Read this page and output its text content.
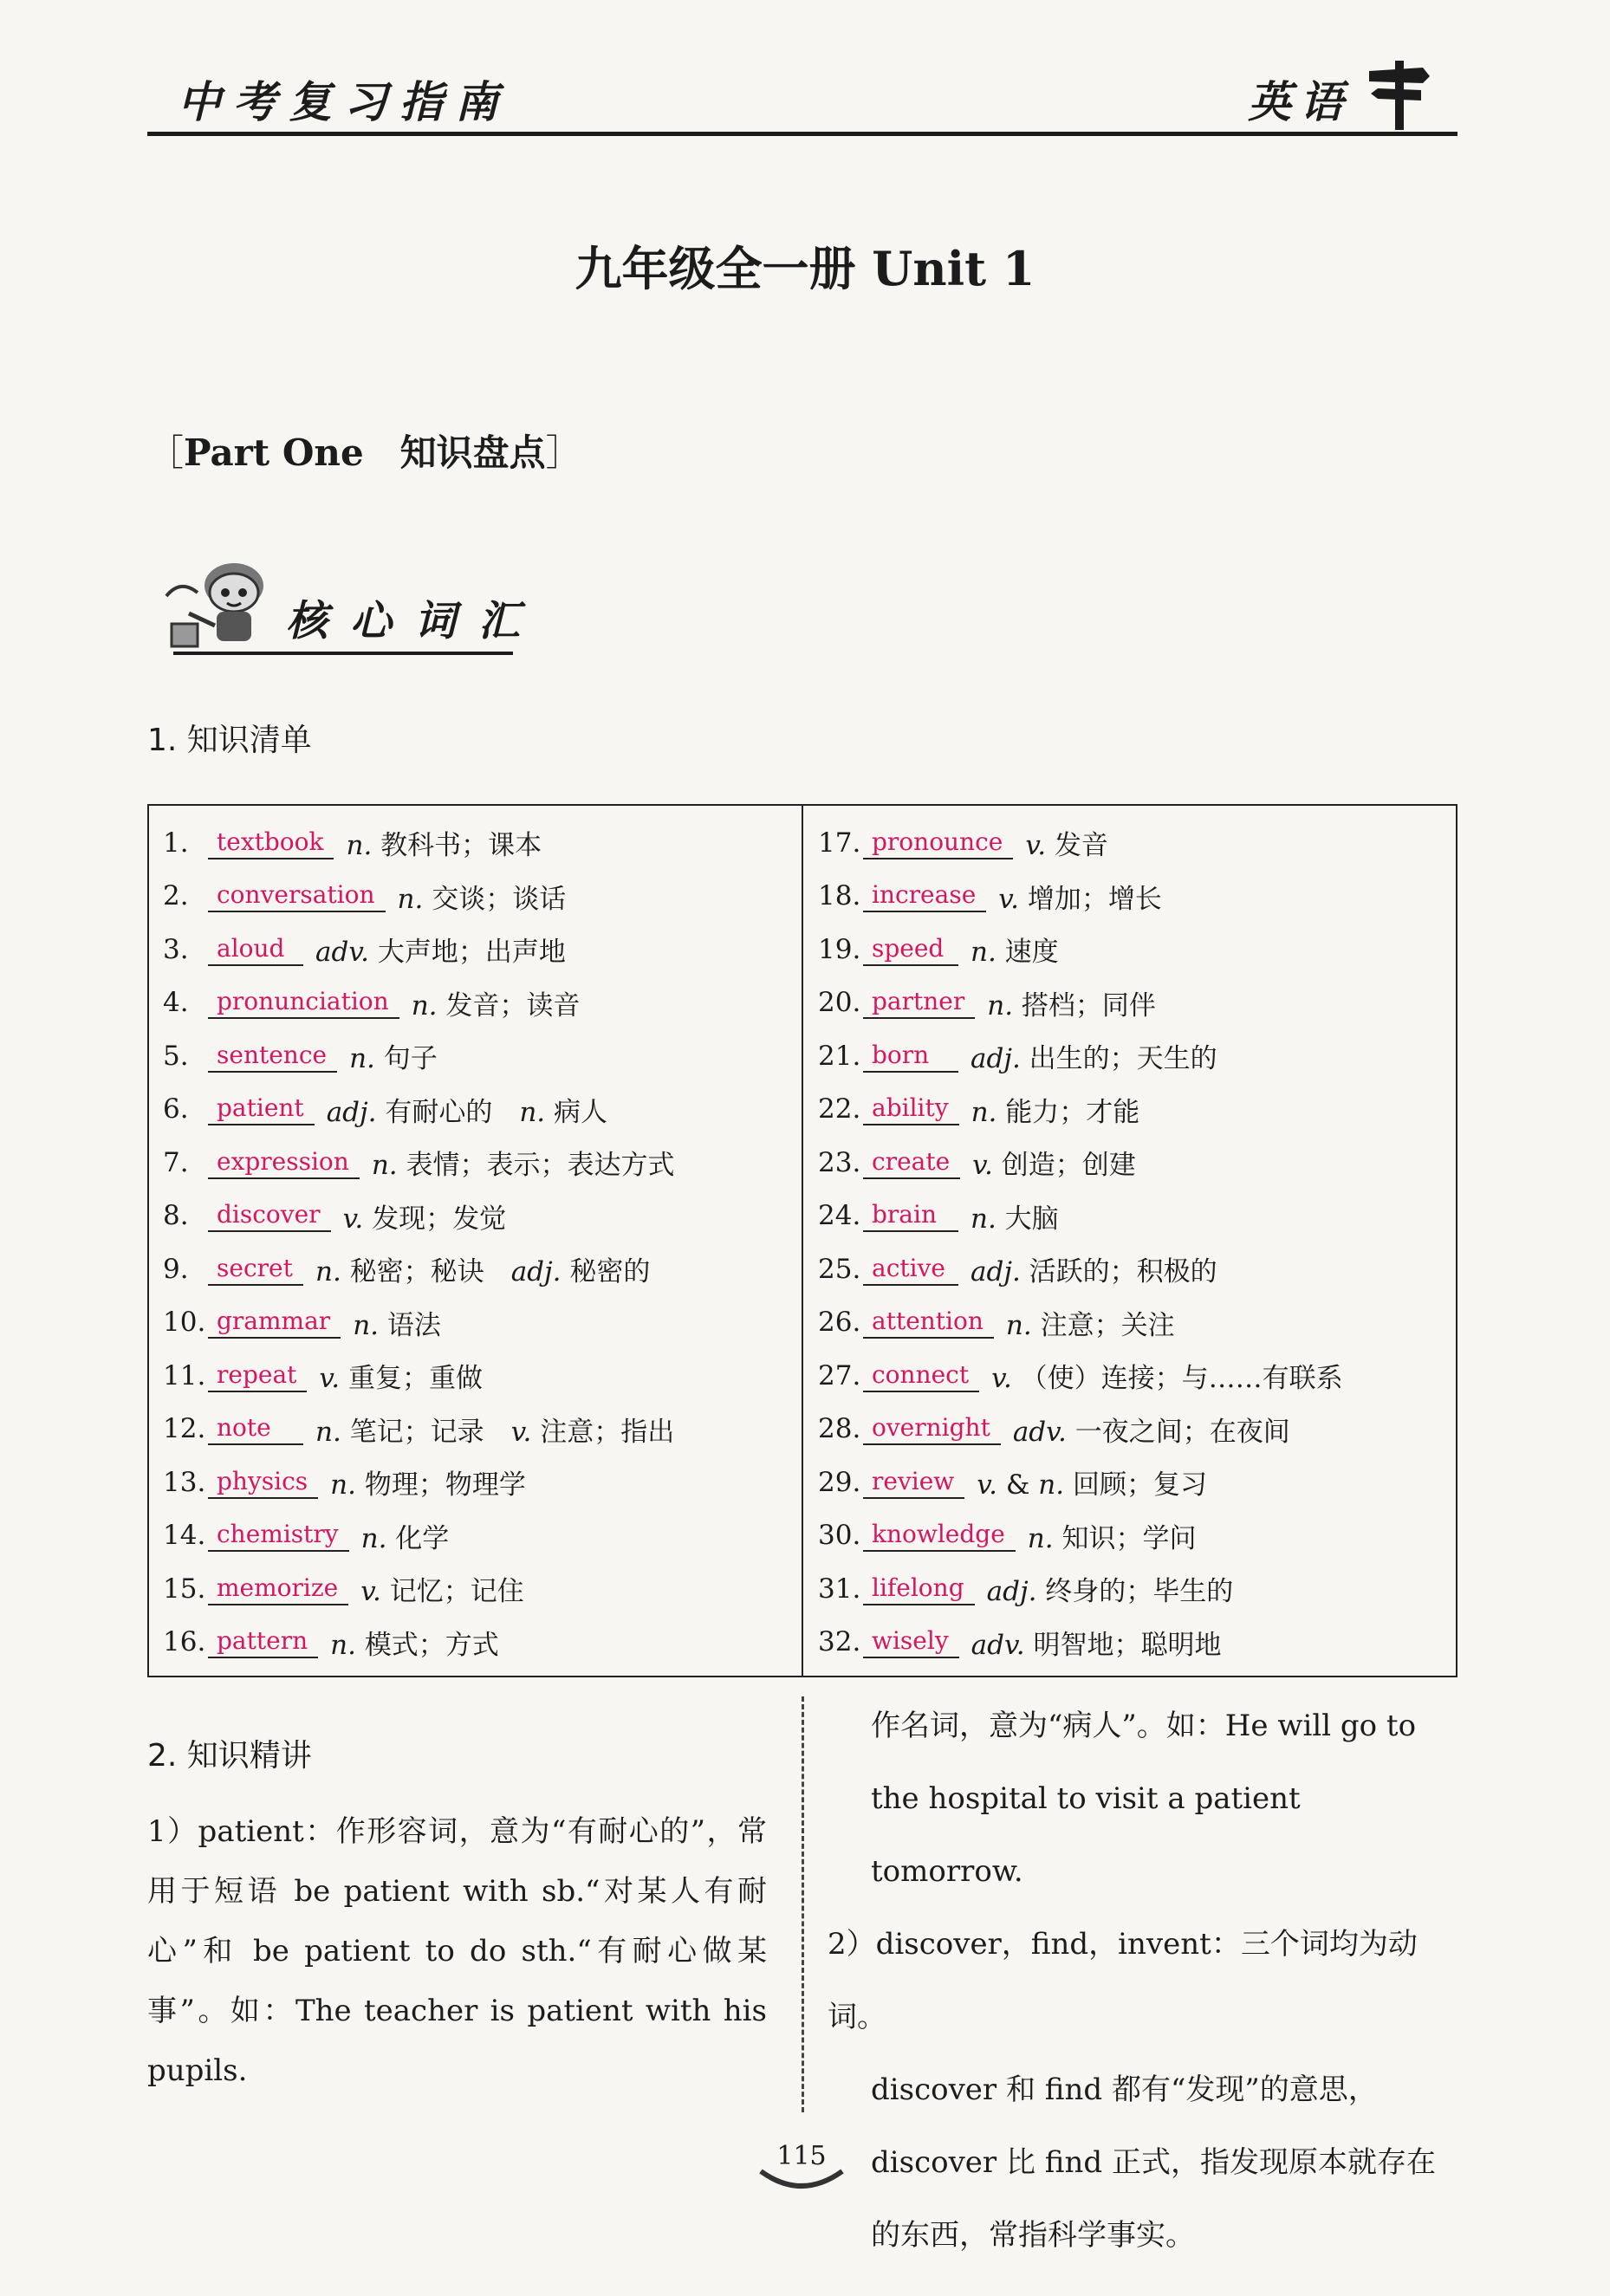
中考复习指南	英语
九年级全一册 Unit 1
［Part One　知识盘点］
核心词汇
1. 知识清单
1.	textbook n. 教科书；课本
2.	conversation n. 交谈；谈话
3.	aloud	adv. 大声地；出声地
4.	pronunciation n. 发音；读音
5.	sentence n. 句子
6.	patient adj. 有耐心的　n. 病人
7.	expression n. 表情；表示；表达方式
8.	discover v. 发现；发觉
9.	secret n. 秘密；秘诀　adj. 秘密的
10. grammar n. 语法
11. repeat v. 重复；重做
12. note	n. 笔记；记录　v. 注意；指出
13. physics n. 物理；物理学
14. chemistry n. 化学
15. memorize v. 记忆；记住
16. pattern n. 模式；方式
17. pronounce v. 发音
18. increase v. 增加；增长
19. speed n. 速度
20. partner n. 搭档；同伴
21. born	adj. 出生的；天生的
22. ability n. 能力；才能
23. create v. 创造；创建
24. brain	n. 大脑
25. active adj. 活跃的；积极的
26. attention n. 注意；关注
27. connect v. （使）连接；与……有联系
28. overnight adv. 一夜之间；在夜间
29. review v. & n. 回顾；复习
30. knowledge n. 知识；学问
31. lifelong adj. 终身的；毕生的
32. wisely adv. 明智地；聪明地
2. 知识精讲
1）patient：作形容词，意为“有耐心的”，常用于短语 be patient with sb.“对某人有耐心”和 be patient to do sth.“有耐心做某事”。如：The teacher is patient with his pupils.
作名词，意为“病人”。如：He will go to the hospital to visit a patient tomorrow.
2）discover，find，invent：三个词均为动词。
discover 和 find 都有“发现”的意思，discover 比 find 正式，指发现原本就存在的东西，常指科学事实。
115
